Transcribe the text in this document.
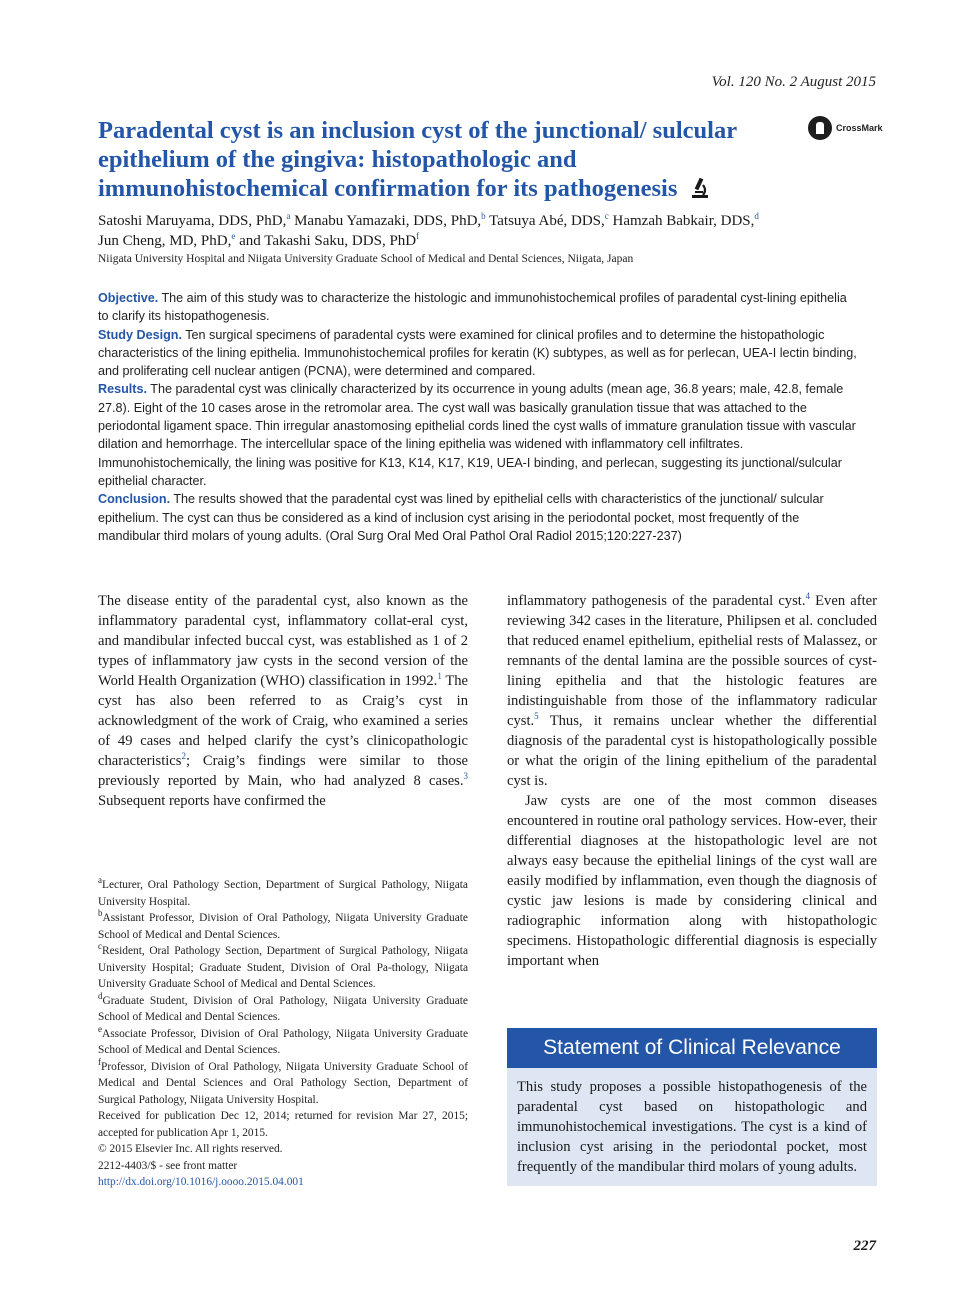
Vol. 120 No. 2 August 2015
Paradental cyst is an inclusion cyst of the junctional/ sulcular epithelium of the gingiva: histopathologic and immunohistochemical confirmation for its pathogenesis
CrossMark
Satoshi Maruyama, DDS, PhD,$^a$ Manabu Yamazaki, DDS, PhD,$^b$ Tatsuya Abé, DDS,$^c$ Hamzah Babkair, DDS,$^d$
Jun Cheng, MD, PhD,$^e$ and Takashi Saku, DDS, PhD$^f$
Niigata University Hospital and Niigata University Graduate School of Medical and Dental Sciences, Niigata, Japan

Objective. The aim of this study was to characterize the histologic and immunohistochemical profiles of paradental cyst-lining epithelia to clarify its histopathogenesis.

Study Design. Ten surgical specimens of paradental cysts were examined for clinical profiles and to determine the histopathologic characteristics of the lining epithelia. Immunohistochemical profiles for keratin (K) subtypes, as well as for perlecan, UEA-I lectin binding, and proliferating cell nuclear antigen (PCNA), were determined and compared.

Results. The paradental cyst was clinically characterized by its occurrence in young adults (mean age, 36.8 years; male, 42.8, female 27.8). Eight of the 10 cases arose in the retromolar area. The cyst wall was basically granulation tissue that was attached to the periodontal ligament space. Thin irregular anastomosing epithelial cords lined the cyst walls of immature granulation tissue with vascular dilation and hemorrhage. The intercellular space of the lining epithelia was widened with inflammatory cell infiltrates. Immunohistochemically, the lining was positive for K13, K14, K17, K19, UEA-I binding, and perlecan, suggesting its junctional/sulcular epithelial character.

Conclusion. The results showed that the paradental cyst was lined by epithelial cells with characteristics of the junctional/ sulcular epithelium. The cyst can thus be considered as a kind of inclusion cyst arising in the periodontal pocket, most frequently of the mandibular third molars of young adults. (Oral Surg Oral Med Oral Pathol Oral Radiol 2015;120:227-237)

The disease entity of the paradental cyst, also known as the inflammatory paradental cyst, inflammatory collat-eral cyst, and mandibular infected buccal cyst, was established as 1 of 2 types of inflammatory jaw cysts in the second version of the World Health Organization (WHO) classification in 1992.$^1$ The cyst has also been referred to as Craig’s cyst in acknowledgment of the work of Craig, who examined a series of 49 cases and helped clarify the cyst’s clinicopathologic characteristics$^2$; Craig’s findings were similar to those previously reported by Main, who had analyzed 8 cases.$^3$ Subsequent reports have confirmed the

inflammatory pathogenesis of the paradental cyst.$^4$ Even after reviewing 342 cases in the literature, Philipsen et al. concluded that reduced enamel epithelium, epithelial rests of Malassez, or remnants of the dental lamina are the possible sources of cyst-lining epithelia and that the histologic features are indistinguishable from those of the inflammatory radicular cyst.$^5$ Thus, it remains unclear whether the differential diagnosis of the paradental cyst is histopathologically possible or what the origin of the lining epithelium of the paradental cyst is.

Jaw cysts are one of the most common diseases encountered in routine oral pathology services. How-ever, their differential diagnoses at the histopathologic level are not always easy because the epithelial linings of the cyst wall are easily modified by inflammation, even though the diagnosis of cystic jaw lesions is made by considering clinical and radiographic information along with histopathologic specimens. Histopathologic differential diagnosis is especially important when

$^a$Lecturer, Oral Pathology Section, Department of Surgical Pathology, Niigata University Hospital.

$^b$Assistant Professor, Division of Oral Pathology, Niigata University Graduate School of Medical and Dental Sciences.

$^c$Resident, Oral Pathology Section, Department of Surgical Pathology, Niigata University Hospital; Graduate Student, Division of Oral Pa-thology, Niigata University Graduate School of Medical and Dental Sciences.

$^d$Graduate Student, Division of Oral Pathology, Niigata University Graduate School of Medical and Dental Sciences.

$^e$Associate Professor, Division of Oral Pathology, Niigata University Graduate School of Medical and Dental Sciences.

$^f$Professor, Division of Oral Pathology, Niigata University Graduate School of Medical and Dental Sciences and Oral Pathology Section, Department of Surgical Pathology, Niigata University Hospital.

Received for publication Dec 12, 2014; returned for revision Mar 27, 2015; accepted for publication Apr 1, 2015.

© 2015 Elsevier Inc. All rights reserved.

2212-4403/$ - see front matter

http://dx.doi.org/10.1016/j.oooo.2015.04.001

Statement of Clinical Relevance
This study proposes a possible histopathogenesis of the paradental cyst based on histopathologic and immunohistochemical investigations. The cyst is a kind of inclusion cyst arising in the periodontal pocket, most frequently of the mandibular third molars of young adults.
227
